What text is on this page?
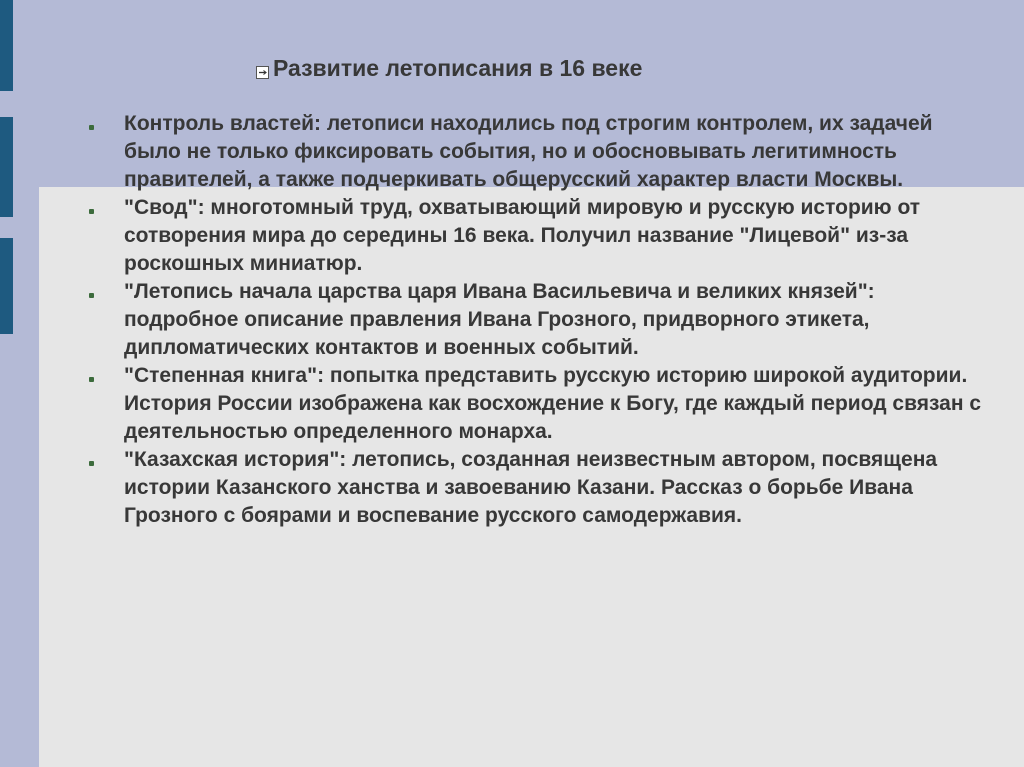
Развитие летописания в 16 веке
Контроль властей: летописи находились под строгим контролем, их задачей было не только фиксировать события, но и обосновывать легитимность правителей, а также подчеркивать общерусский характер власти Москвы.
"Свод": многотомный труд, охватывающий мировую и русскую историю от сотворения мира до середины 16 века. Получил название "Лицевой" из-за роскошных миниатюр.
"Летопись начала царства царя Ивана Васильевича и великих князей": подробное описание правления Ивана Грозного, придворного этикета, дипломатических контактов и военных событий.
"Степенная книга": попытка представить русскую историю широкой аудитории. История России изображена как восхождение к Богу, где каждый период связан с деятельностью определенного монарха.
"Казахская история": летопись, созданная неизвестным автором, посвящена истории Казанского ханства и завоеванию Казани. Рассказ о борьбе Ивана Грозного с боярами и воспевание русского самодержавия.
